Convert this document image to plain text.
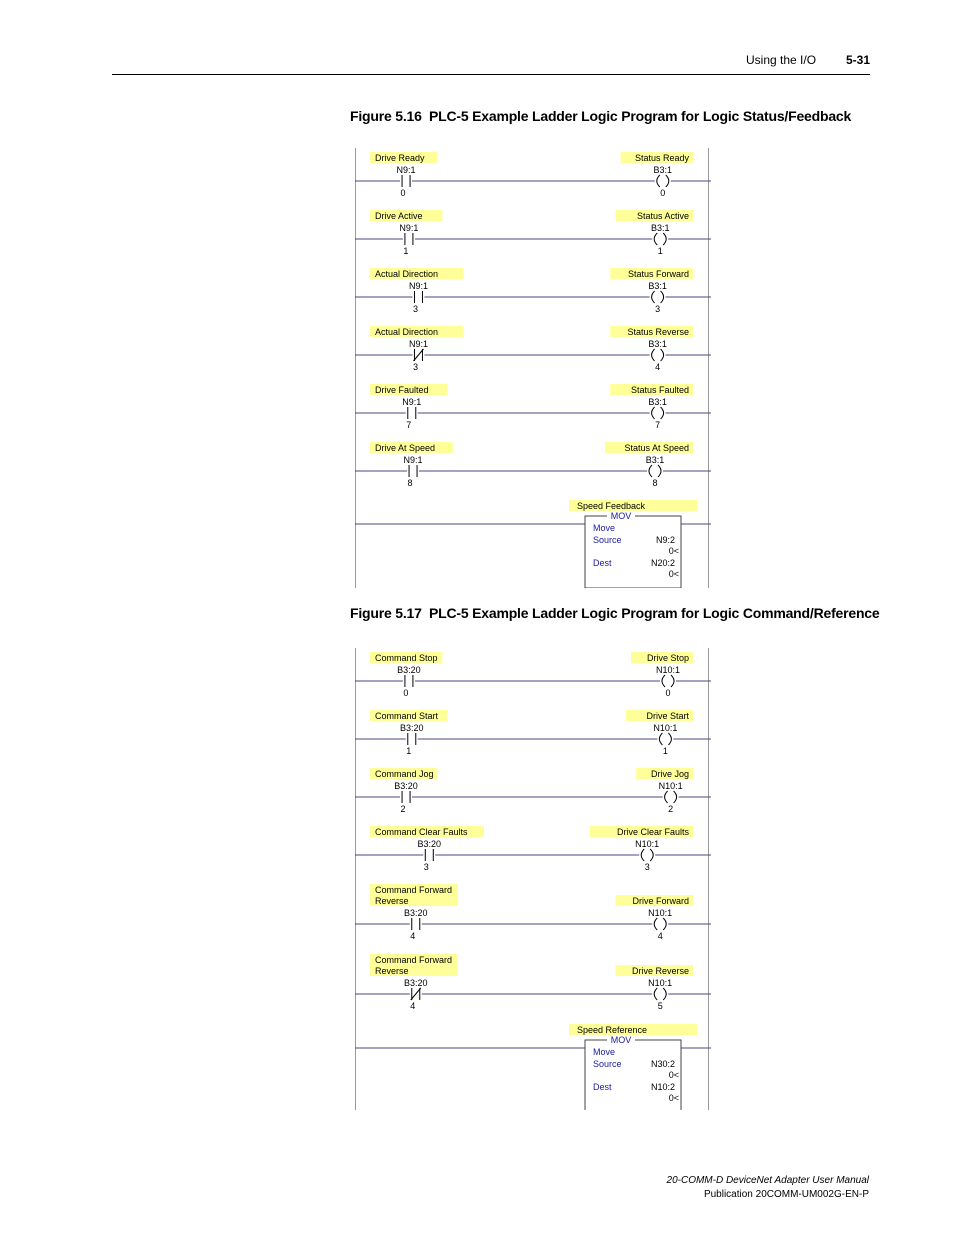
Using the I/O 5-31
Figure 5.16 PLC-5 Example Ladder Logic Program for Logic Status/Feedback
Drive Ready	Status Ready
N9:1
0
B3:1
0
Drive Active	Status Active
N9:1
1
B3:1
1
Actual Direction	Status Forward
N9:1
3
B3:1
3
Actual Direction	Status Reverse
N9:1
3
B3:1
4
Drive Faulted	Status Faulted
N9:1
7
B3:1
7
Drive At Speed	Status At Speed
N9:1
8
B3:1
8
Speed Feedback
MOV
Move
Source	N9:2
0<
Dest	N20:2
0<
Figure 5.17 PLC-5 Example Ladder Logic Program for Logic Command/Reference
Command Stop	Drive Stop
B3:20
0
N10:1
0
Command Start	Drive Start
B3:20
1
N10:1
1
Command Jog	Drive Jog
B3:20
2
N10:1
2
Command Clear Faults	Drive Clear Faults
B3:20
3
N10:1
3
Command Forward
Reverse	Drive Forward
B3:20
4
N10:1
4
Command Forward
Reverse	Drive Reverse
B3:20
4
N10:1
5
Speed Reference
MOV
Move
Source	N30:2
0<
Dest	N10:2
0<
20-COMM-D DeviceNet Adapter User Manual
Publication 20COMM-UM002G-EN-P
